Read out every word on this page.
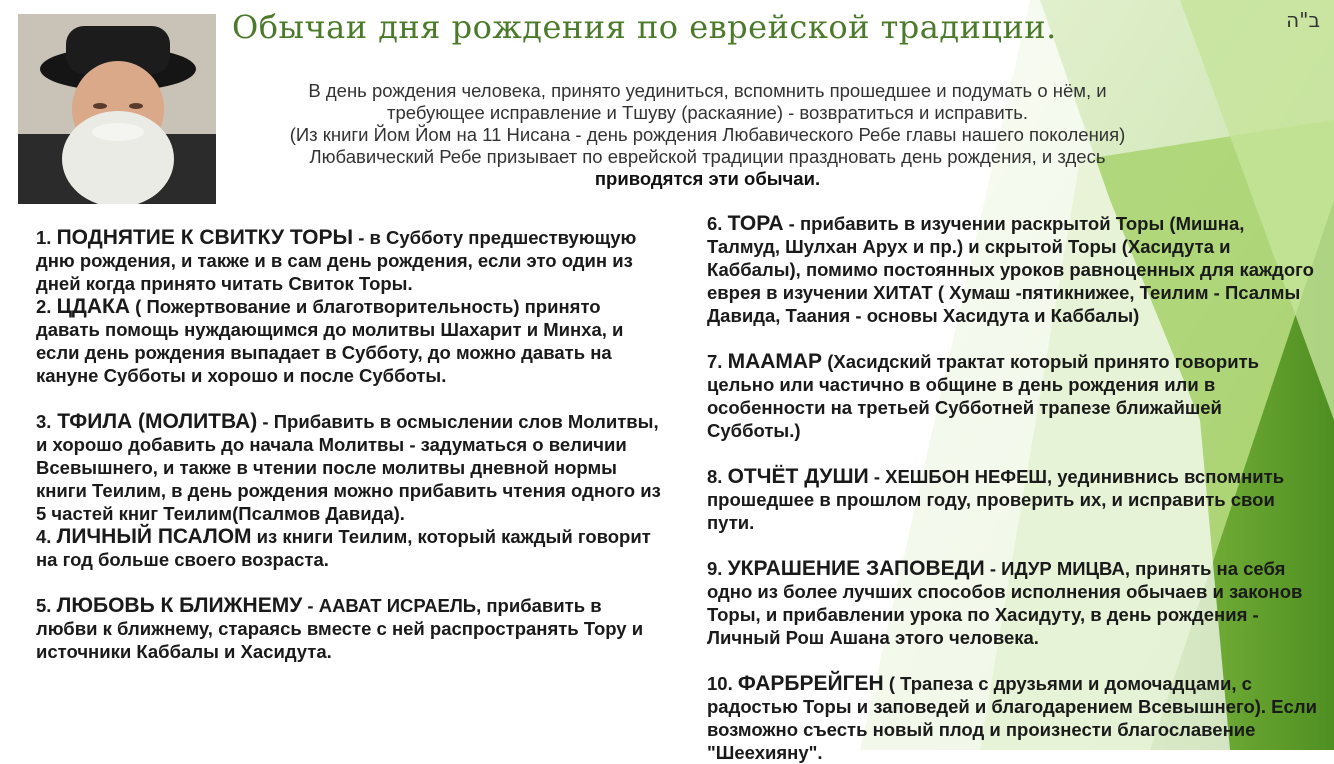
Обычаи дня рождения по еврейской традиции.	ב"ה
В день рождения человека, принято уединиться, вспомнить прошедшее и подумать о нём, и
требующее исправление и Тшуву (раскаяние) - возвратиться и исправить.
(Из книги Йом Йом на 11 Нисана - день рождения Любавического Ребе главы нашего поколения)
Любавический Ребе призывает по еврейской традиции праздновать день рождения, и здесь
приводятся эти обычаи.

1. ПОДНЯТИЕ К СВИТКУ ТОРЫ - в Субботу предшествующую дню рождения, и также и в сам день рождения, если это один из дней когда принято читать Свиток Торы.

2. ЦДАКА ( Пожертвование и благотворительность) принято давать помощь нуждающимся до молитвы Шахарит и Минха, и если день рождения выпадает в Субботу, до можно давать на кануне Субботы и хорошо и после Субботы.

3. ТФИЛА (МОЛИТВА) - Прибавить в осмыслении слов Молитвы, и хорошо добавить до начала Молитвы - задуматься о величии Всевышнего, и также в чтении после молитвы дневной нормы книги Теилим, в день рождения можно прибавить чтения одного из 5 частей книг Теилим(Псалмов Давида).

4. ЛИЧНЫЙ ПСАЛОМ из книги Теилим, который каждый говорит на год больше своего возраста.

5. ЛЮБОВЬ К БЛИЖНЕМУ - ААВАТ ИСРАЕЛЬ, прибавить в любви к ближнему, стараясь вместе с ней распространять Тору и источники Каббалы и Хасидута.

6. ТОРА - прибавить в изучении раскрытой Торы (Мишна, Талмуд, Шулхан Арух и пр.) и скрытой Торы (Хасидута и Каббалы), помимо постоянных уроков равноценных для каждого еврея в изучении ХИТАТ ( Хумаш -пятикнижее, Теилим - Псалмы Давида, Таания - основы Хасидута и Каббалы)

7. МААМАР (Хасидский трактат который принято говорить цельно или частично в общине в день рождения или в особенности на третьей Субботней трапезе ближайшей Субботы.)

8. ОТЧЁТ ДУШИ - ХЕШБОН НЕФЕШ, уединивнись вспомнить прошедшее в прошлом году, проверить их, и исправить свои пути.

9. УКРАШЕНИЕ ЗАПОВЕДИ - ИДУР МИЦВА, принять на себя одно из более лучших способов исполнения обычаев и законов Торы, и прибавлении урока по Хасидуту, в день рождения - Личный Рош Ашана этого человека.

10. ФАРБРЕЙГЕН ( Трапеза с друзьями и домочадцами, с радостью Торы и заповедей и благодарением Всевышнего). Если возможно съесть новый плод и произнести благославение "Шеехияну".
